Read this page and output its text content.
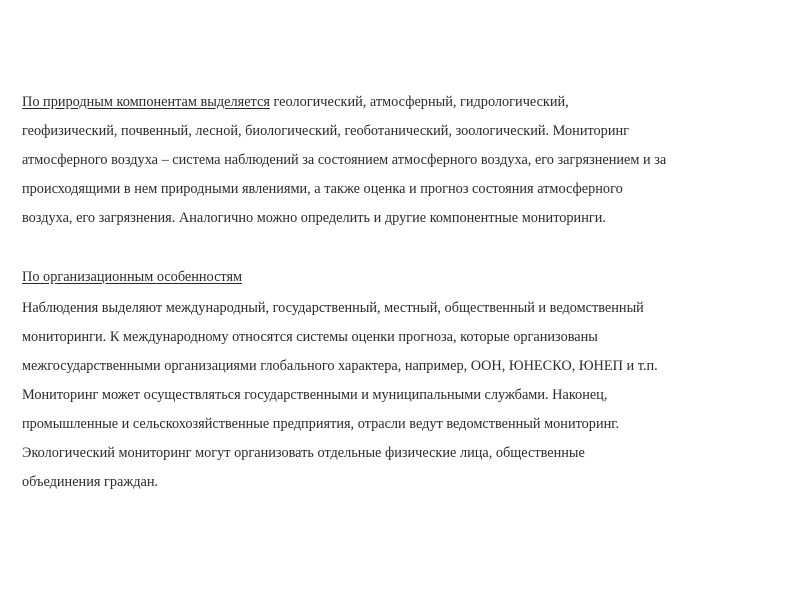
По природным компонентам выделяется геологический, атмосферный, гидрологический,
геофизический, почвенный, лесной, биологический, геоботанический, зоологический. Мониторинг
атмосферного воздуха – система наблюдений за состоянием атмосферного воздуха, его загрязнением и за
происходящими в нем природными явлениями, а также оценка и прогноз состояния атмосферного
воздуха, его загрязнения. Аналогично можно определить и другие компонентные мониторинги.

По организационным особенностям

Наблюдения выделяют международный, государственный, местный, общественный и ведомственный
мониторинги. К международному относятся системы оценки прогноза, которые организованы
межгосударственными организациями глобального характера, например, ООН, ЮНЕСКО, ЮНЕП и т.п.
Мониторинг может осуществляться государственными и муниципальными службами. Наконец,
промышленные и сельскохозяйственные предприятия, отрасли ведут ведомственный мониторинг.
Экологический мониторинг могут организовать отдельные физические лица, общественные
объединения граждан.
